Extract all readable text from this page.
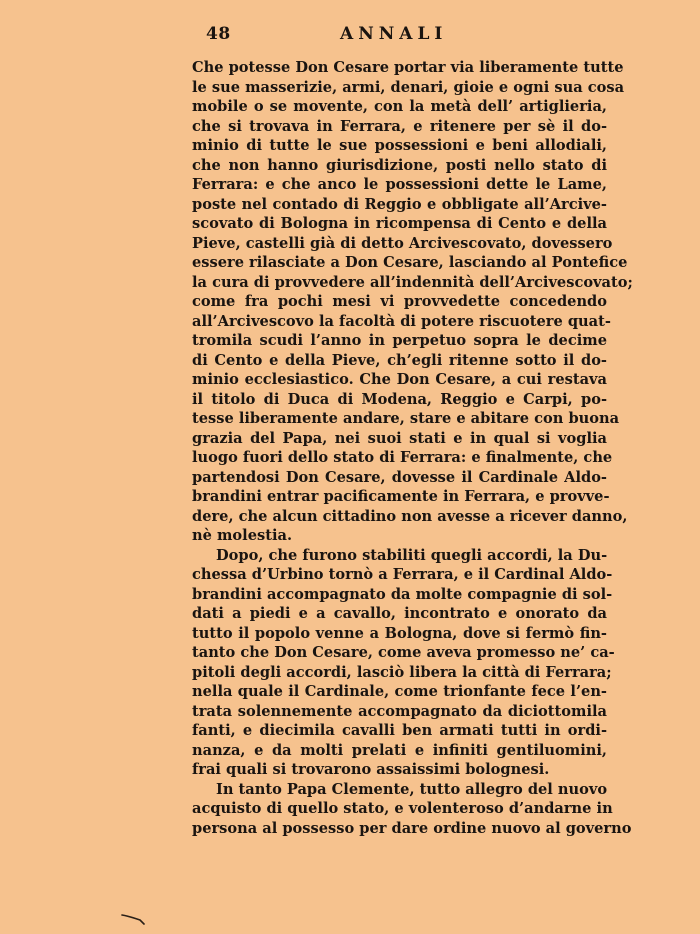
48	ANNALI
Che potesse Don Cesare portar via liberamente tutte
le sue masserizie, armi, denari, gioie e ogni sua cosa
mobile o se movente, con la metà dell’ artiglieria,
che si trovava in Ferrara, e ritenere per sè il do-
minio di tutte le sue possessioni e beni allodiali,
che non hanno giurisdizione, posti nello stato di
Ferrara: e che anco le possessioni dette le Lame,
poste nel contado di Reggio e obbligate all’Arcive-
scovato di Bologna in ricompensa di Cento e della
Pieve, castelli già di detto Arcivescovato, dovessero
essere rilasciate a Don Cesare, lasciando al Pontefice
la cura di provvedere all’indennità dell’Arcivescovato;
come fra pochi mesi vi provvedette concedendo
all’Arcivescovo la facoltà di potere riscuotere quat-
tromila scudi l’anno in perpetuo sopra le decime
di Cento e della Pieve, ch’egli ritenne sotto il do-
minio ecclesiastico. Che Don Cesare, a cui restava
il titolo di Duca di Modena, Reggio e Carpi, po-
tesse liberamente andare, stare e abitare con buona
grazia del Papa, nei suoi stati e in qual si voglia
luogo fuori dello stato di Ferrara: e finalmente, che
partendosi Don Cesare, dovesse il Cardinale Aldo-
brandini entrar pacificamente in Ferrara, e provve-
dere, che alcun cittadino non avesse a ricever danno,
nè molestia.
Dopo, che furono stabiliti quegli accordi, la Du-
chessa d’Urbino tornò a Ferrara, e il Cardinal Aldo-
brandini accompagnato da molte compagnie di sol-
dati a piedi e a cavallo, incontrato e onorato da
tutto il popolo venne a Bologna, dove si fermò fin-
tanto che Don Cesare, come aveva promesso ne’ ca-
pitoli degli accordi, lasciò libera la città di Ferrara;
nella quale il Cardinale, come trionfante fece l’en-
trata solennemente accompagnato da diciottomila
fanti, e diecimila cavalli ben armati tutti in ordi-
nanza, e da molti prelati e infiniti gentiluomini,
frai quali si trovarono assaissimi bolognesi.
In tanto Papa Clemente, tutto allegro del nuovo
acquisto di quello stato, e volenteroso d’andarne in
persona al possesso per dare ordine nuovo al governo
